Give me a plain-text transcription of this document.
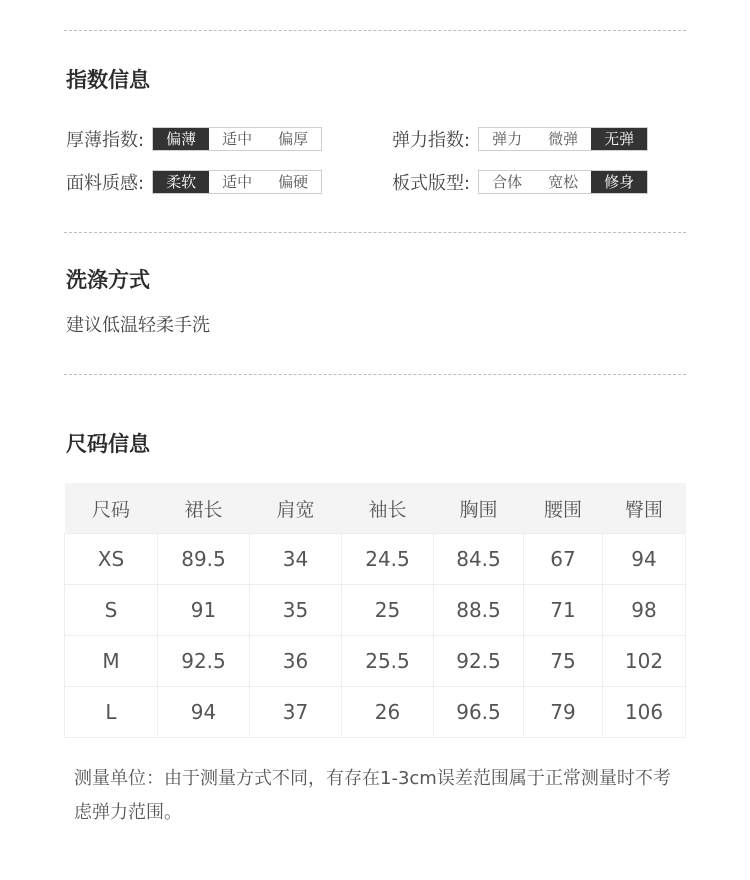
指数信息
厚薄指数:	偏薄	适中	偏厚
面料质感:	柔软	适中	偏硬
弹力指数:	弹力	微弹	无弹
板式版型:	合体	宽松	修身
洗涤方式
建议低温轻柔手洗
尺码信息
尺码	裙长	肩宽	袖长	胸围	腰围	臀围
XS	89.5	34	24.5	84.5	67	94
S	91	35	25	88.5	71	98
M	92.5	36	25.5	92.5	75	102
L	94	37	26	96.5	79	106
测量单位：由于测量方式不同，有存在1-3cm误差范围属于正常测量时不考虑弹力范围。
